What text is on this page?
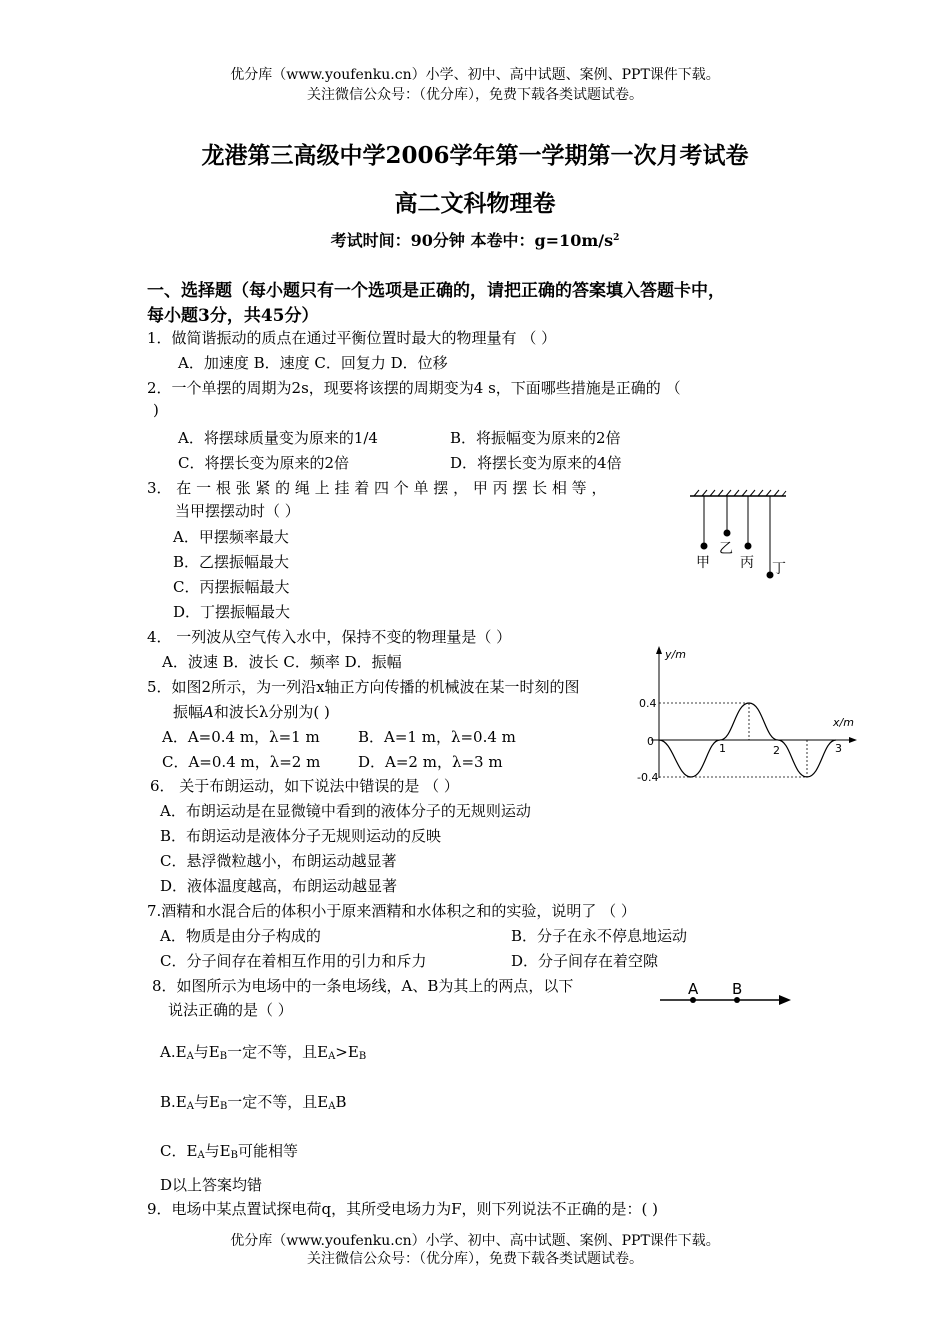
优分库（www.youfenku.cn）小学、初中、高中试题、案例、PPT课件下载。
关注微信公众号：（优分库），免费下载各类试题试卷。
龙港第三高级中学2006学年第一学期第一次月考试卷
高二文科物理卷
考试时间：90分钟 本卷中：$g=10m/s^2$
一、选择题（每小题只有一个选项是正确的，请把正确的答案填入答题卡中，
每小题3分，共45分）
1．做简谐振动的质点在通过平衡位置时最大的物理量有 （ ）
A．加速度 B．速度 C．回复力 D．位移
2．一个单摆的周期为2s，现要将该摆的周期变为4 s，下面哪些措施是正确的 （
)
A．将摆球质量变为原来的1/4	B．将振幅变为原来的2倍
C．将摆长变为原来的2倍	D．将摆长变为原来的4倍
3． 在 一 根 张 紧 的 绳 上 挂 着 四 个 单 摆 ， 甲 丙 摆 长 相 等 ，
当甲摆摆动时（ ）
A．甲摆频率最大
B．乙摆振幅最大
C．丙摆振幅最大
D．丁摆振幅最大
甲
乙
丙 丁
4． 一列波从空气传入水中，保持不变的物理量是（ ）
A．波速 B．波长 C．频率 D．振幅
5．如图2所示，为一列沿x轴正方向传播的机械波在某一时刻的图
振幅A和波长λ分别为( )
A．A=0.4 m，λ=1 m	B．A=1 m，λ=0.4 m
C．A=0.4 m，λ=2 m	D．A=2 m，λ=3 m
y/m
x/m
0.4
0
-0.4
1	2	3
6． 关于布朗运动，如下说法中错误的是 （ ）
A．布朗运动是在显微镜中看到的液体分子的无规则运动
B．布朗运动是液体分子无规则运动的反映
C．悬浮微粒越小，布朗运动越显著
D．液体温度越高，布朗运动越显著
7.酒精和水混合后的体积小于原来酒精和水体积之和的实验，说明了 （ ）
A．物质是由分子构成的	B．分子在永不停息地运动
C．分子间存在着相互作用的引力和斥力	D．分子间存在着空隙
8．如图所示为电场中的一条电场线，A、B为其上的两点，以下
说法正确的是（ ）
A B
$A.E_A$与$E_B$一定不等，且$E_A>E_B$
$B.E_A$与$E_B$一定不等，且$E_AB$
C．$E_A$与$E_B$可能相等
D以上答案均错
9．电场中某点置试探电荷q，其所受电场力为F，则下列说法不正确的是：( )
优分库（www.youfenku.cn）小学、初中、高中试题、案例、PPT课件下载。
关注微信公众号：（优分库），免费下载各类试题试卷。
